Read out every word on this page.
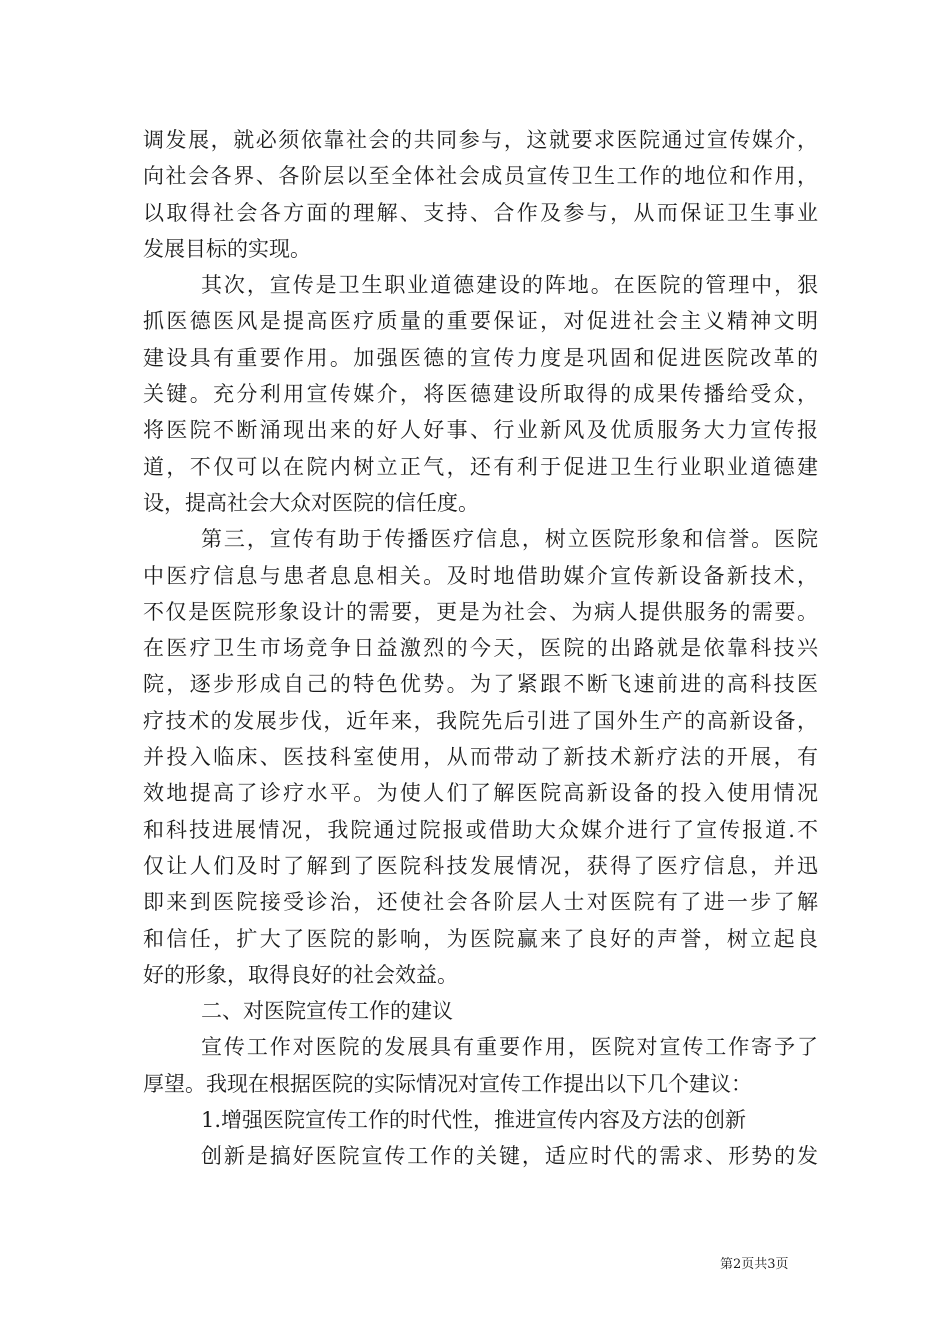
调发展，就必须依靠社会的共同参与，这就要求医院通过宣传媒介，
向社会各界、各阶层以至全体社会成员宣传卫生工作的地位和作用，
以取得社会各方面的理解、支持、合作及参与，从而保证卫生事业
发展目标的实现。
其次，宣传是卫生职业道德建设的阵地。在医院的管理中，狠
抓医德医风是提高医疗质量的重要保证，对促进社会主义精神文明
建设具有重要作用。加强医德的宣传力度是巩固和促进医院改革的
关键。充分利用宣传媒介，将医德建设所取得的成果传播给受众，
将医院不断涌现出来的好人好事、行业新风及优质服务大力宣传报
道，不仅可以在院内树立正气，还有利于促进卫生行业职业道德建
设，提高社会大众对医院的信任度。
第三，宣传有助于传播医疗信息，树立医院形象和信誉。医院
中医疗信息与患者息息相关。及时地借助媒介宣传新设备新技术，
不仅是医院形象设计的需要，更是为社会、为病人提供服务的需要。
在医疗卫生市场竞争日益激烈的今天，医院的出路就是依靠科技兴
院，逐步形成自己的特色优势。为了紧跟不断飞速前进的高科技医
疗技术的发展步伐，近年来，我院先后引进了国外生产的高新设备，
并投入临床、医技科室使用，从而带动了新技术新疗法的开展，有
效地提高了诊疗水平。为使人们了解医院高新设备的投入使用情况
和科技进展情况，我院通过院报或借助大众媒介进行了宣传报道.不
仅让人们及时了解到了医院科技发展情况，获得了医疗信息，并迅
即来到医院接受诊治，还使社会各阶层人士对医院有了进一步了解
和信任，扩大了医院的影响，为医院赢来了良好的声誉，树立起良
好的形象，取得良好的社会效益。
二、对医院宣传工作的建议
宣传工作对医院的发展具有重要作用，医院对宣传工作寄予了
厚望。我现在根据医院的实际情况对宣传工作提出以下几个建议：
1.增强医院宣传工作的时代性，推进宣传内容及方法的创新
创新是搞好医院宣传工作的关键，适应时代的需求、形势的发
第2页共3页
